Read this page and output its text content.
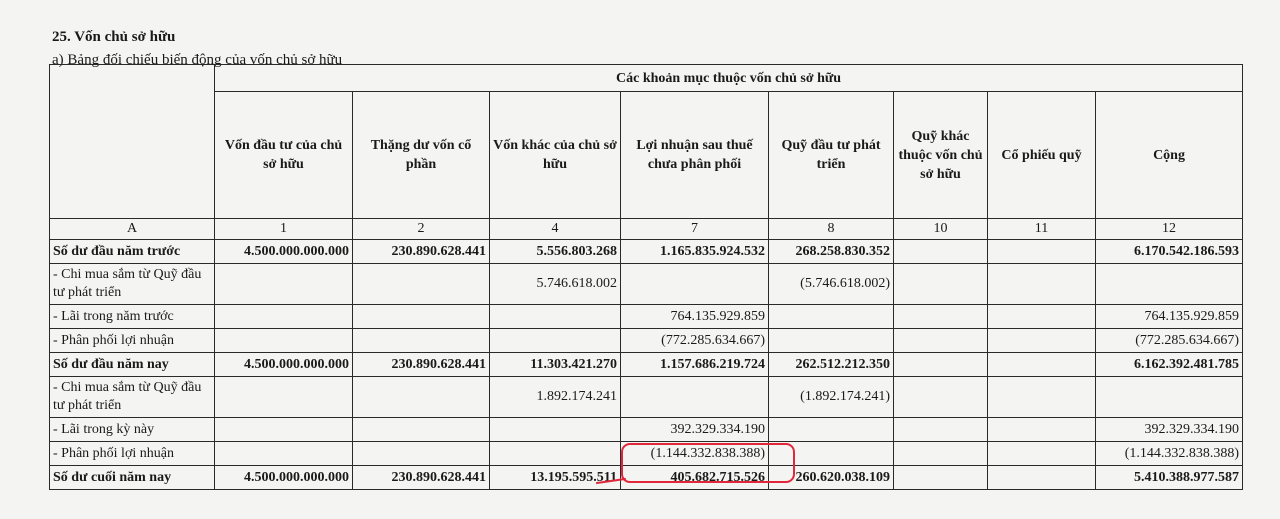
25. Vốn chủ sở hữu
a) Bảng đối chiếu biến động của vốn chủ sở hữu
	Các khoản mục thuộc vốn chủ sở hữu							
	Vốn đầu tư của chủ sở hữu	Thặng dư vốn cổ phần	Vốn khác của chủ sở hữu	Lợi nhuận sau thuế chưa phân phối	Quỹ đầu tư phát triển	Quỹ khác thuộc vốn chủ sở hữu	Cổ phiếu quỹ	Cộng
A	1	2	4	7	8	10	11	12
Số dư đầu năm trước	4.500.000.000.000	230.890.628.441	5.556.803.268	1.165.835.924.532	268.258.830.352			6.170.542.186.593
- Chi mua sắm từ Quỹ đầu tư phát triển			5.746.618.002		(5.746.618.002)			
- Lãi trong năm trước				764.135.929.859				764.135.929.859
- Phân phối lợi nhuận				(772.285.634.667)				(772.285.634.667)
Số dư đầu năm nay	4.500.000.000.000	230.890.628.441	11.303.421.270	1.157.686.219.724	262.512.212.350			6.162.392.481.785
- Chi mua sắm từ Quỹ đầu tư phát triển			1.892.174.241		(1.892.174.241)			
- Lãi trong kỳ này				392.329.334.190				392.329.334.190
- Phân phối lợi nhuận				(1.144.332.838.388)				(1.144.332.838.388)
Số dư cuối năm nay	4.500.000.000.000	230.890.628.441	13.195.595.511	405.682.715.526	260.620.038.109			5.410.388.977.587
